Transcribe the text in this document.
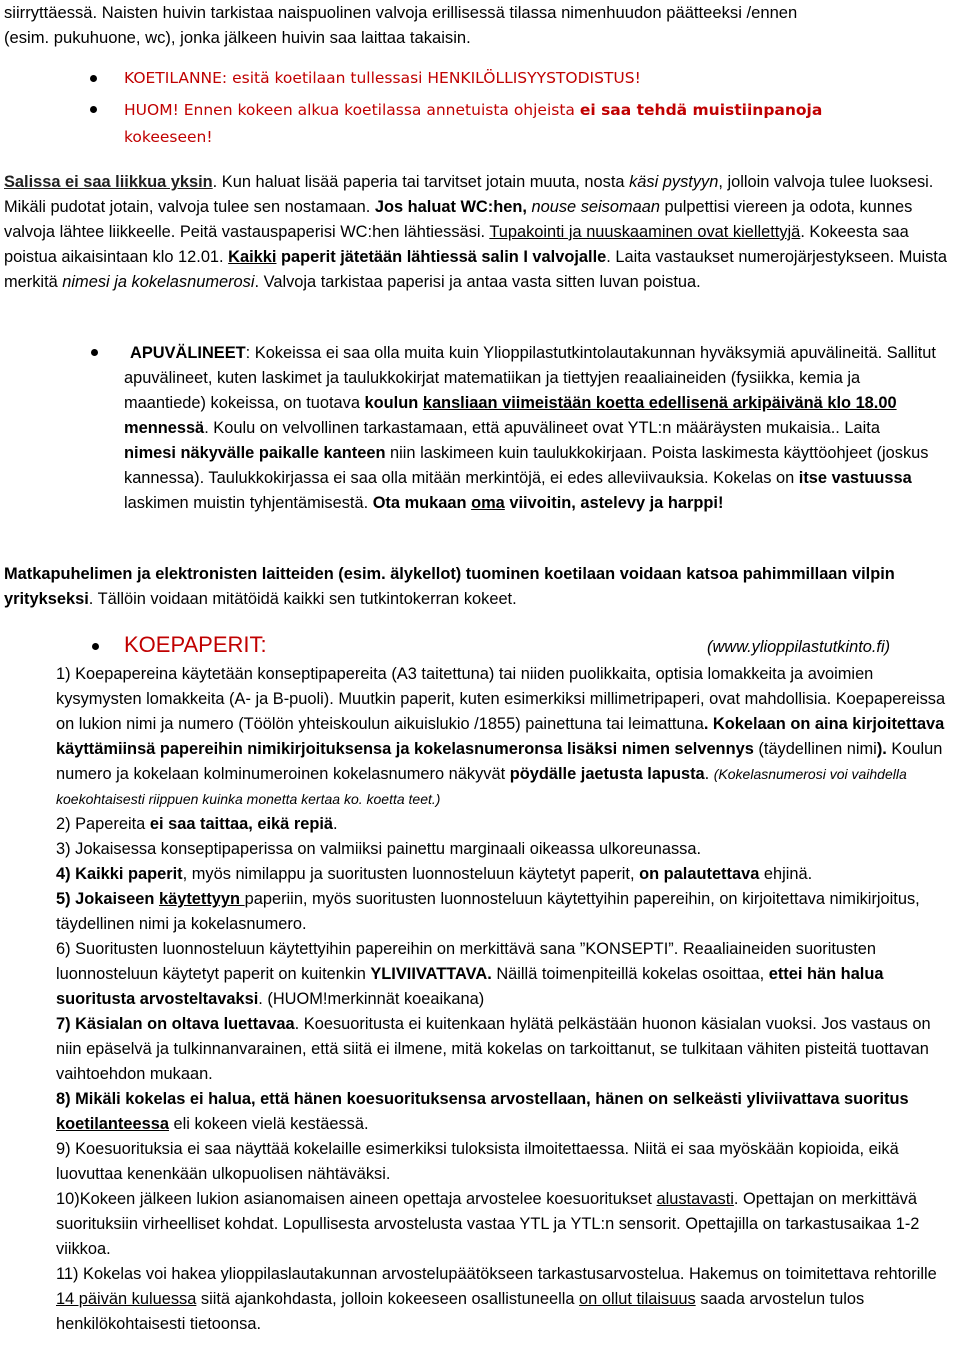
siirryttäessä. Naisten huivin tarkistaa naispuolinen valvoja erillisessä tilassa nimenhuudon päätteeksi /ennen
(esim. pukuhuone, wc), jonka jälkeen huivin saa laittaa takaisin.
KOETILANNE: esitä koetilaan tullessasi HENKILÖLLISYYSTODISTUS!
HUOM! Ennen kokeen alkua koetilassa annetuista ohjeista ei saa tehdä muistiinpanoja
kokeeseen!
Salissa ei saa liikkua yksin. Kun haluat lisää paperia tai tarvitset jotain muuta, nosta käsi pystyyn, jolloin valvoja tulee luoksesi. Mikäli pudotat jotain, valvoja tulee sen nostamaan. Jos haluat WC:hen, nouse seisomaan pulpettisi viereen ja odota, kunnes valvoja lähtee liikkeelle. Peitä vastauspaperisi WC:hen lähtiessäsi. Tupakointi ja nuuskaaminen ovat kiellettyjä. Kokeesta saa poistua aikaisintaan klo 12.01. Kaikki paperit jätetään lähtiessä salin I valvojalle. Laita vastaukset numerojärjestykseen. Muista merkitä nimesi ja kokelasnumerosi. Valvoja tarkistaa paperisi ja antaa vasta sitten luvan poistua.
APUVÄLINEET: Kokeissa ei saa olla muita kuin Ylioppilastutkintolautakunnan hyväksymiä apuvälineitä. Sallitut apuvälineet, kuten laskimet ja taulukkokirjat matematiikan ja tiettyjen reaaliaineiden (fysiikka, kemia ja maantiede) kokeissa, on tuotava koulun kansliaan viimeistään koetta edellisenä arkipäivänä klo 18.00 mennessä. Koulu on velvollinen tarkastamaan, että apuvälineet ovat YTL:n määräysten mukaisia.. Laita nimesi näkyvälle paikalle kanteen niin laskimeen kuin taulukkokirjaan. Poista laskimesta käyttöohjeet (joskus kannessa). Taulukkokirjassa ei saa olla mitään merkintöjä, ei edes alleviivauksia. Kokelas on itse vastuussa laskimen muistin tyhjentämisestä. Ota mukaan oma viivoitin, astelevy ja harppi!
Matkapuhelimen ja elektronisten laitteiden (esim. älykellot) tuominen koetilaan voidaan katsoa pahimmillaan vilpin yritykseksi. Tällöin voidaan mitätöidä kaikki sen tutkintokerran kokeet.
KOEPAPERIT:	(www.ylioppilastutkinto.fi)
1) Koepapereina käytetään konseptipapereita (A3 taitettuna) tai niiden puolikkaita, optisia lomakkeita ja avoimien kysymysten lomakkeita (A- ja B-puoli). Muutkin paperit, kuten esimerkiksi millimetripaperi, ovat mahdollisia. Koepapereissa on lukion nimi ja numero (Töölön yhteiskoulun aikuislukio /1855) painettuna tai leimattuna. Kokelaan on aina kirjoitettava käyttämiinsä papereihin nimikirjoituksensa ja kokelasnumeronsa lisäksi nimen selvennys (täydellinen nimi). Koulun numero ja kokelaan kolminumeroinen kokelasnumero näkyvät pöydälle jaetusta lapusta. (Kokelasnumerosi voi vaihdella koekohtaisesti riippuen kuinka monetta kertaa ko. koetta teet.)
2) Papereita ei saa taittaa, eikä repiä.
3) Jokaisessa konseptipaperissa on valmiiksi painettu marginaali oikeassa ulkoreunassa.
4) Kaikki paperit, myös nimilappu ja suoritusten luonnosteluun käytetyt paperit, on palautettava ehjinä.
5) Jokaiseen käytettyyn paperiin, myös suoritusten luonnosteluun käytettyihin papereihin, on kirjoitettava nimikirjoitus, täydellinen nimi ja kokelasnumero.
6) Suoritusten luonnosteluun käytettyihin papereihin on merkittävä sana ”KONSEPTI”. Reaaliaineiden suoritusten luonnosteluun käytetyt paperit on kuitenkin YLIVIIVATTAVA. Näillä toimenpiteillä kokelas osoittaa, ettei hän halua suoritusta arvosteltavaksi. (HUOM!merkinnät koeaikana)
7) Käsialan on oltava luettavaa. Koesuoritusta ei kuitenkaan hylätä pelkästään huonon käsialan vuoksi. Jos vastaus on niin epäselvä ja tulkinnanvarainen, että siitä ei ilmene, mitä kokelas on tarkoittanut, se tulkitaan vähiten pisteitä tuottavan vaihtoehdon mukaan.
8) Mikäli kokelas ei halua, että hänen koesuorituksensa arvostellaan, hänen on selkeästi yliviivattava suoritus koetilanteessa eli kokeen vielä kestäessä.
9) Koesuorituksia ei saa näyttää kokelaille esimerkiksi tuloksista ilmoitettaessa. Niitä ei saa myöskään kopioida, eikä luovuttaa kenenkään ulkopuolisen nähtäväksi.
10)Kokeen jälkeen lukion asianomaisen aineen opettaja arvostelee koesuoritukset alustavasti. Opettajan on merkittävä suorituksiin virheelliset kohdat. Lopullisesta arvostelusta vastaa YTL ja YTL:n sensorit. Opettajilla on tarkastusaikaa 1-2 viikkoa.
11) Kokelas voi hakea ylioppilaslautakunnan arvostelupäätökseen tarkastusarvostelua. Hakemus on toimitettava rehtorille 14 päivän kuluessa siitä ajankohdasta, jolloin kokeeseen osallistuneella on ollut tilaisuus saada arvostelun tulos henkilökohtaisesti tietoonsa.
